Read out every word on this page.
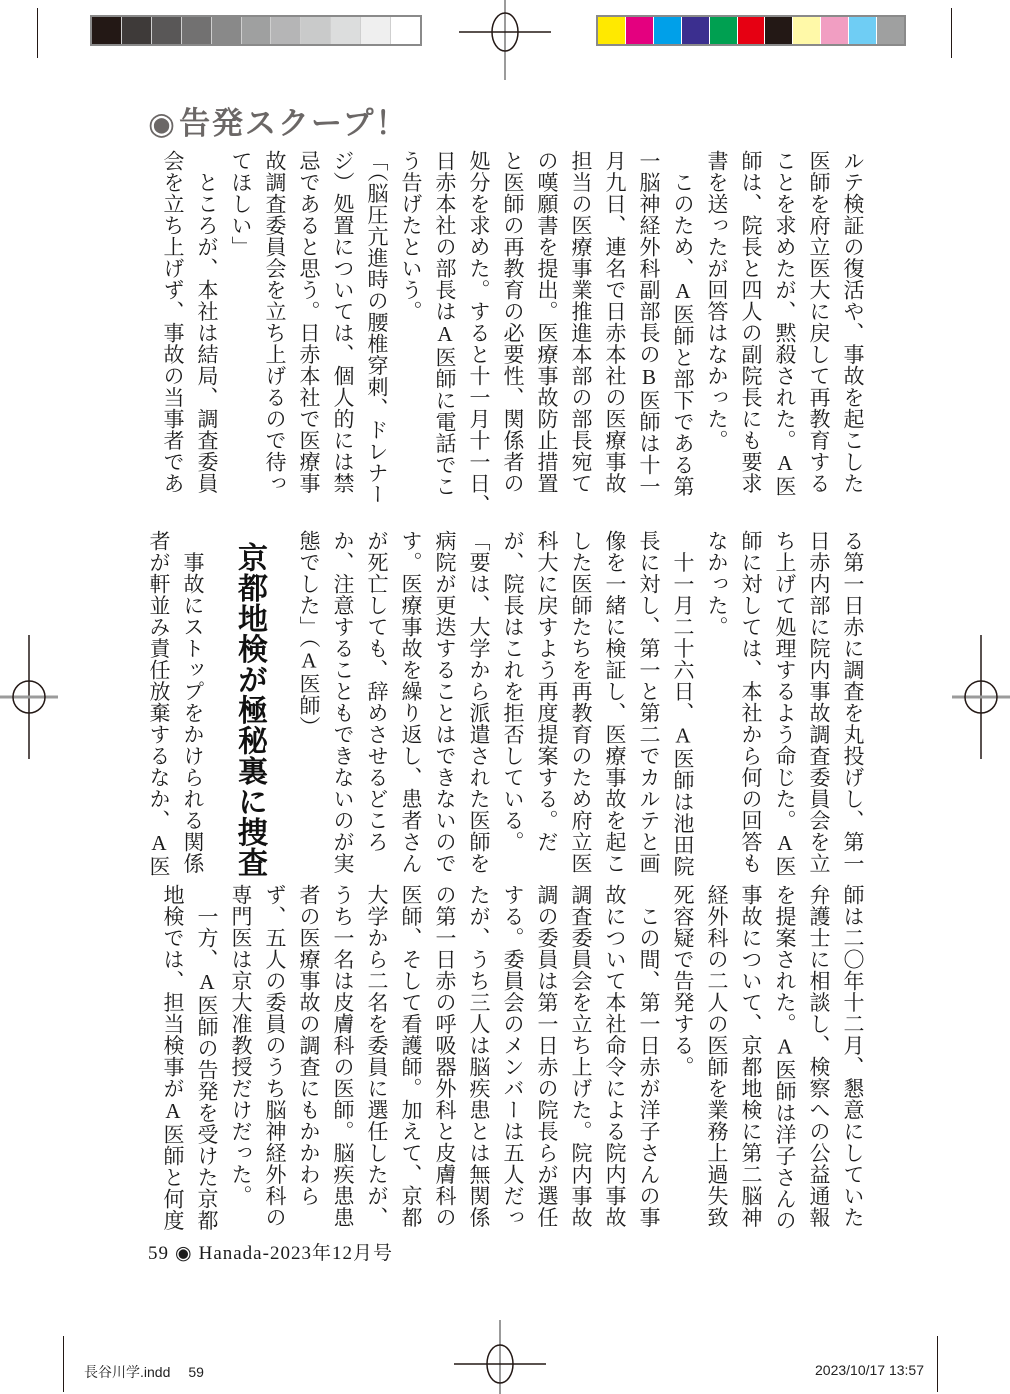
◉告発スクープ！
ルテ検証の復活や、事故を起こした
医師を府立医大に戻して再教育する
ことを求めたが、黙殺された。A医
師は、院長と四人の副院長にも要求
書を送ったが回答はなかった。
　このため、A医師と部下である第
一脳神経外科副部長のB医師は十一
月九日、連名で日赤本社の医療事故
担当の医療事業推進本部の部長宛て
の嘆願書を提出。医療事故防止措置
と医師の再教育の必要性、関係者の
処分を求めた。すると十一月十一日、
日赤本社の部長はA医師に電話でこ
う告げたという。
「（脳圧亢進時の腰椎穿刺、ドレナー
ジ）処置については、個人的には禁
忌であると思う。日赤本社で医療事
故調査委員会を立ち上げるので待っ
てほしい」
　ところが、本社は結局、調査委員
会を立ち上げず、事故の当事者であ
る第一日赤に調査を丸投げし、第一
日赤内部に院内事故調査委員会を立
ち上げて処理するよう命じた。A医
師に対しては、本社から何の回答も
なかった。
　十一月二十六日、A医師は池田院
長に対し、第一と第二でカルテと画
像を一緒に検証し、医療事故を起こ
した医師たちを再教育のため府立医
科大に戻すよう再度提案する。だ
が、院長はこれを拒否している。
「要は、大学から派遣された医師を
病院が更迭することはできないので
す。医療事故を繰り返し、患者さん
が死亡しても、辞めさせるどころ
か、注意することもできないのが実
態でした」（A医師）
京都地検が極秘裏に捜査
　事故にストップをかけられる関係
者が軒並み責任放棄するなか、A医
師は二〇年十二月、懇意にしていた
弁護士に相談し、検察への公益通報
を提案された。A医師は洋子さんの
事故について、京都地検に第二脳神
経外科の二人の医師を業務上過失致
死容疑で告発する。
　この間、第一日赤が洋子さんの事
故について本社命令による院内事故
調査委員会を立ち上げた。院内事故
調の委員は第一日赤の院長らが選任
する。委員会のメンバーは五人だっ
たが、うち三人は脳疾患とは無関係
の第一日赤の呼吸器外科と皮膚科の
医師、そして看護師。加えて、京都
大学から二名を委員に選任したが、
うち一名は皮膚科の医師。脳疾患患
者の医療事故の調査にもかかわら
ず、五人の委員のうち脳神経外科の
専門医は京大准教授だけだった。
　一方、A医師の告発を受けた京都
地検では、担当検事がA医師と何度
59 ◉ Hanada-2023年12月号
長谷川学.indd 59	2023/10/17 13:57
